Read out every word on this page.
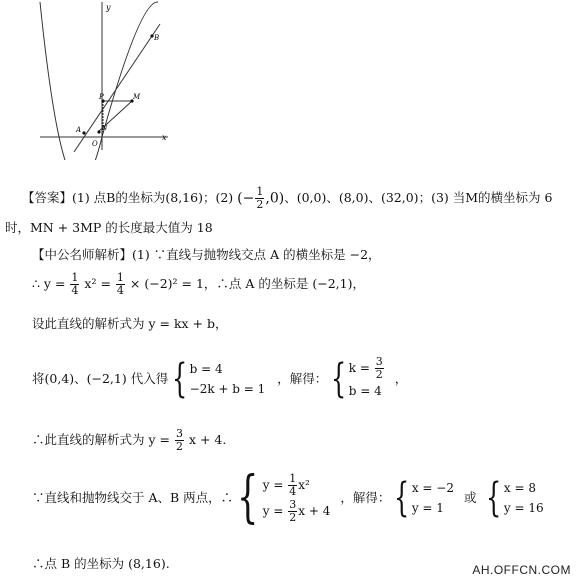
y
x
B
P	M
A	N
O
【答案】(1) 点B的坐标为(8,16)；(2) (− $\frac{1}{2} ,0$)、(0,0)、(8,0)、(32,0)；(3) 当M的横坐标为 6
时，MN + 3MP 的长度最大值为 18
【中公名师解析】(1) ∵直线与抛物线交点 A 的横坐标是 −2，
∴ $y = \frac{1}{4} x^2 = \frac{1}{4} \times (-2)^2 = 1$，∴点 A 的坐标是 (−2,1)，
设此直线的解析式为 y = kx + b，
将(0,4)、(−2,1) 代入得 { b = 4
−2k + b = 1
，解得： { $k = \frac{3}{2}$
b = 4
，
∴此直线的解析式为 $y = \frac{3}{2}$ x + 4.
∵直线和抛物线交于 A、B 两点，∴ { $y = \frac{1}{4} x^2$
$y = \frac{3}{2}$ x + 4
，解得： { x = −2
y = 1
或 { x = 8
y = 16
∴点 B 的坐标为 (8,16).	AH.OFFCN.COM
